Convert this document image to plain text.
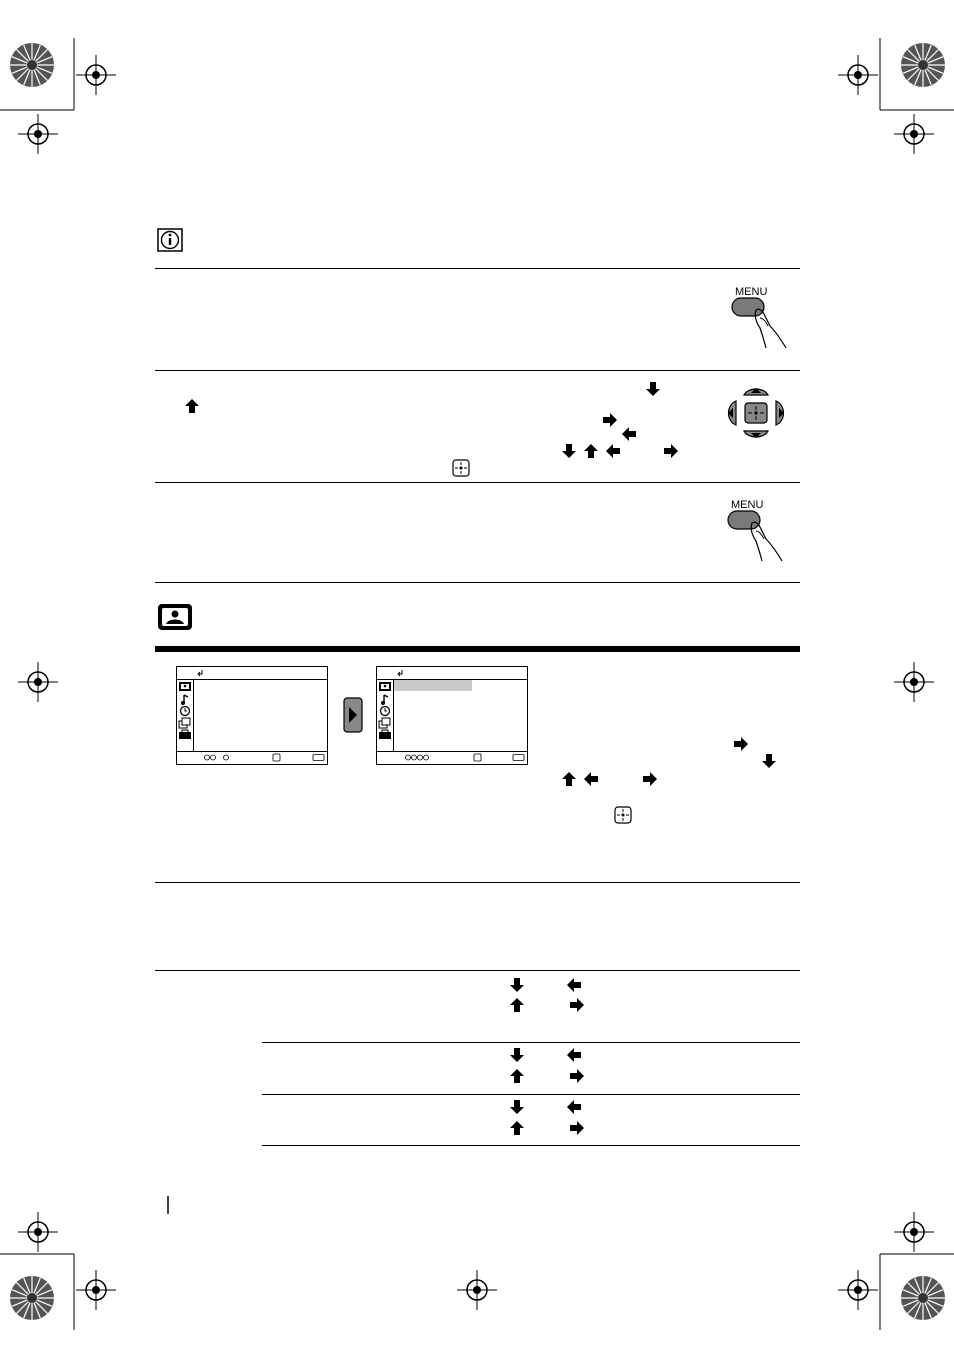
MENU
MENU
